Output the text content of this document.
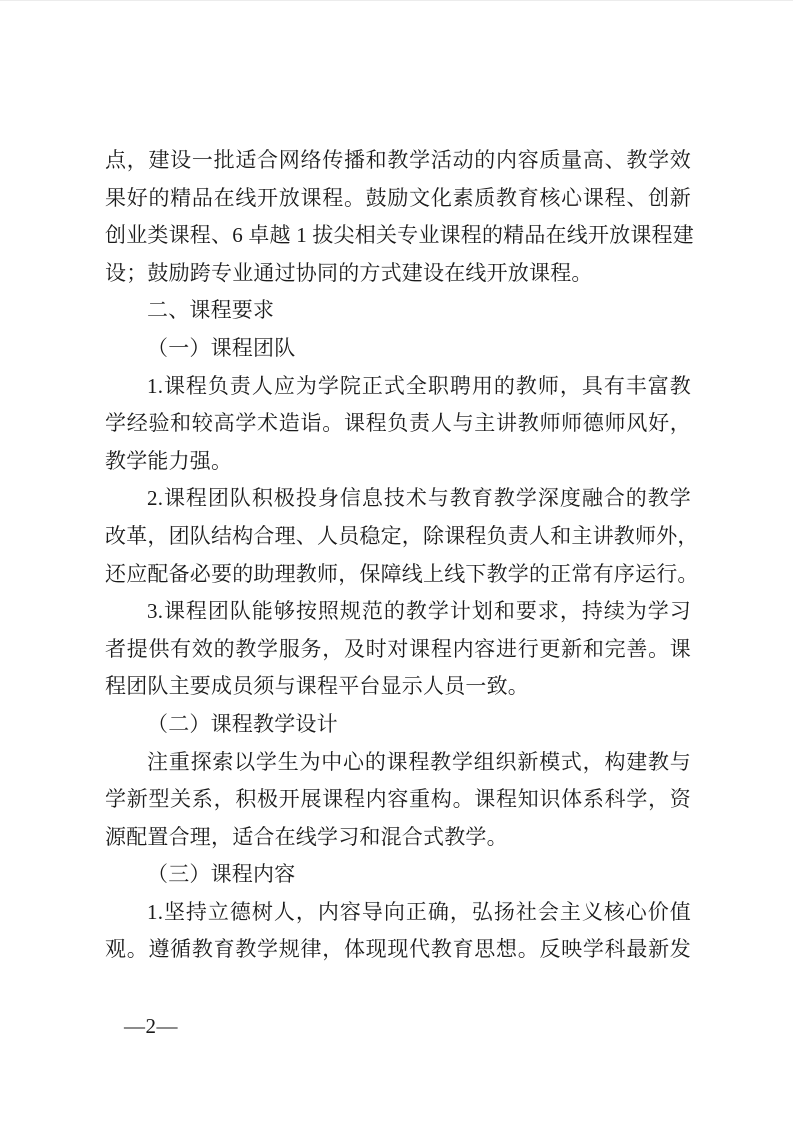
点，建设一批适合网络传播和教学活动的内容质量高、教学效
果好的精品在线开放课程。鼓励文化素质教育核心课程、创新
创业类课程、6 卓越 1 拔尖相关专业课程的精品在线开放课程建
设；鼓励跨专业通过协同的方式建设在线开放课程。
二、课程要求
（一）课程团队
1.课程负责人应为学院正式全职聘用的教师，具有丰富教
学经验和较高学术造诣。课程负责人与主讲教师师德师风好，
教学能力强。
2.课程团队积极投身信息技术与教育教学深度融合的教学
改革，团队结构合理、人员稳定，除课程负责人和主讲教师外，
还应配备必要的助理教师，保障线上线下教学的正常有序运行。
3.课程团队能够按照规范的教学计划和要求，持续为学习
者提供有效的教学服务，及时对课程内容进行更新和完善。课
程团队主要成员须与课程平台显示人员一致。
（二）课程教学设计
注重探索以学生为中心的课程教学组织新模式，构建教与
学新型关系，积极开展课程内容重构。课程知识体系科学，资
源配置合理，适合在线学习和混合式教学。
（三）课程内容
1.坚持立德树人，内容导向正确，弘扬社会主义核心价值
观。遵循教育教学规律，体现现代教育思想。反映学科最新发
—2—
